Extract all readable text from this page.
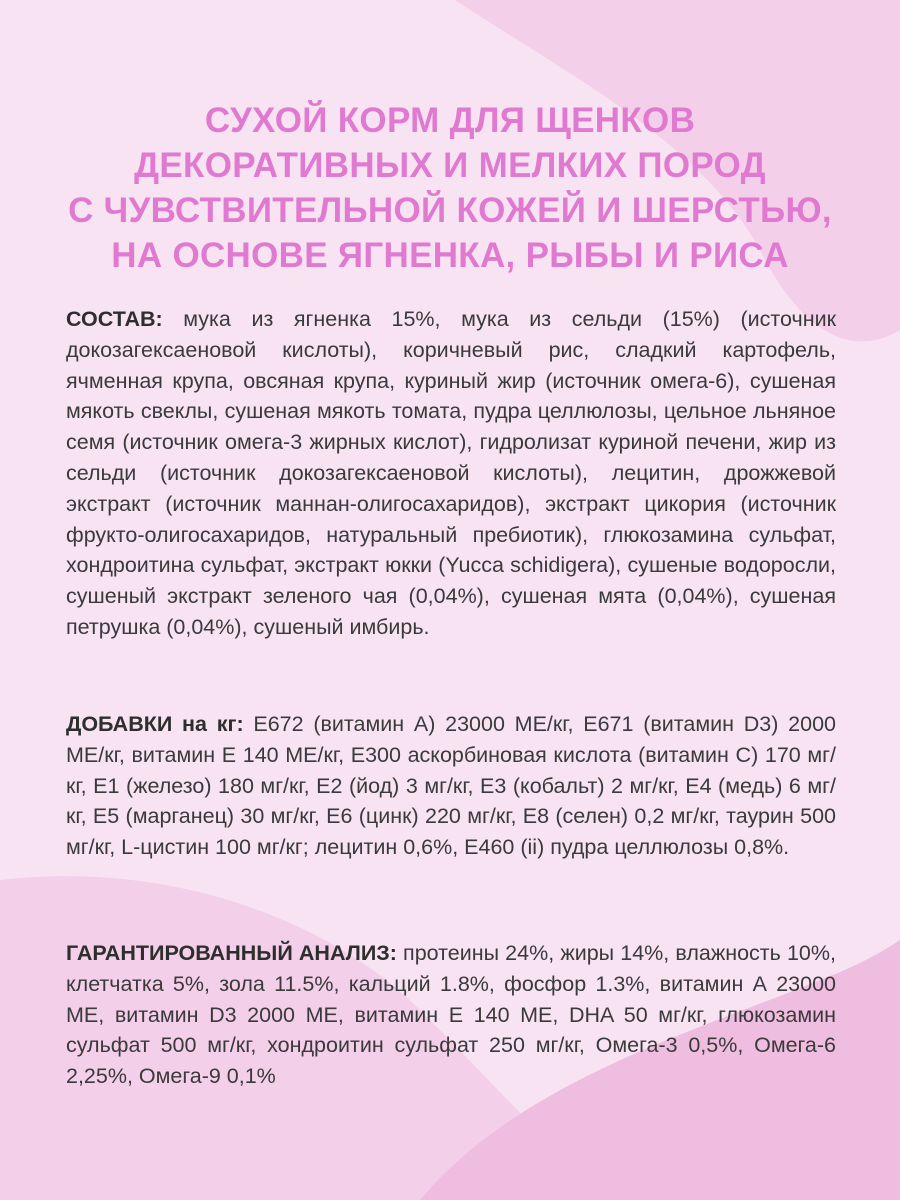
СУХОЙ КОРМ ДЛЯ ЩЕНКОВ
ДЕКОРАТИВНЫХ И МЕЛКИХ ПОРОД
С ЧУВСТВИТЕЛЬНОЙ КОЖЕЙ И ШЕРСТЬЮ,
НА ОСНОВЕ ЯГНЕНКА, РЫБЫ И РИСА

СОСТАВ: мука из ягненка 15%, мука из сельди (15%) (источник докозагексаеновой кислоты), коричневый рис, сладкий картофель, ячменная крупа, овсяная крупа, куриный жир (источник омега-6), сушеная мякоть свеклы, сушеная мякоть томата, пудра целлюлозы, цельное льняное семя (источник омега-3 жирных кислот), гидролизат куриной печени, жир из сельди (источник докозагексаеновой кислоты), лецитин, дрожжевой экстракт (источник маннан-олигосахаридов), экстракт цикория (источник фрукто-олигосахаридов, натуральный пребиотик), глюкозамина сульфат, хондроитина сульфат, экстракт юкки (Yucca schidigera), сушеные водоросли, сушеный экстракт зеленого чая (0,04%), сушеная мята (0,04%), сушеная петрушка (0,04%), сушеный имбирь.

ДОБАВКИ на кг: Е672 (витамин А) 23000 МЕ/кг, Е671 (витамин D3) 2000 МЕ/кг, витамин Е 140 МЕ/кг, Е300 аскорбиновая кислота (витамин С) 170 мг/кг, Е1 (железо) 180 мг/кг, Е2 (йод) 3 мг/кг, Е3 (кобальт) 2 мг/кг, Е4 (медь) 6 мг/кг, Е5 (марганец) 30 мг/кг, Е6 (цинк) 220 мг/кг, Е8 (селен) 0,2 мг/кг, таурин 500 мг/кг, L-цистин 100 мг/кг; лецитин 0,6%, Е460 (ii) пудра целлюлозы 0,8%.

ГАРАНТИРОВАННЫЙ АНАЛИЗ: протеины 24%, жиры 14%, влажность 10%, клетчатка 5%, зола 11.5%, кальций 1.8%, фосфор 1.3%, витамин А 23000 МЕ, витамин D3 2000 МЕ, витамин Е 140 МЕ, DHA 50 мг/кг, глюкозамин сульфат 500 мг/кг, хондроитин сульфат 250 мг/кг, Омега-3 0,5%, Омега-6 2,25%, Омега-9 0,1%
